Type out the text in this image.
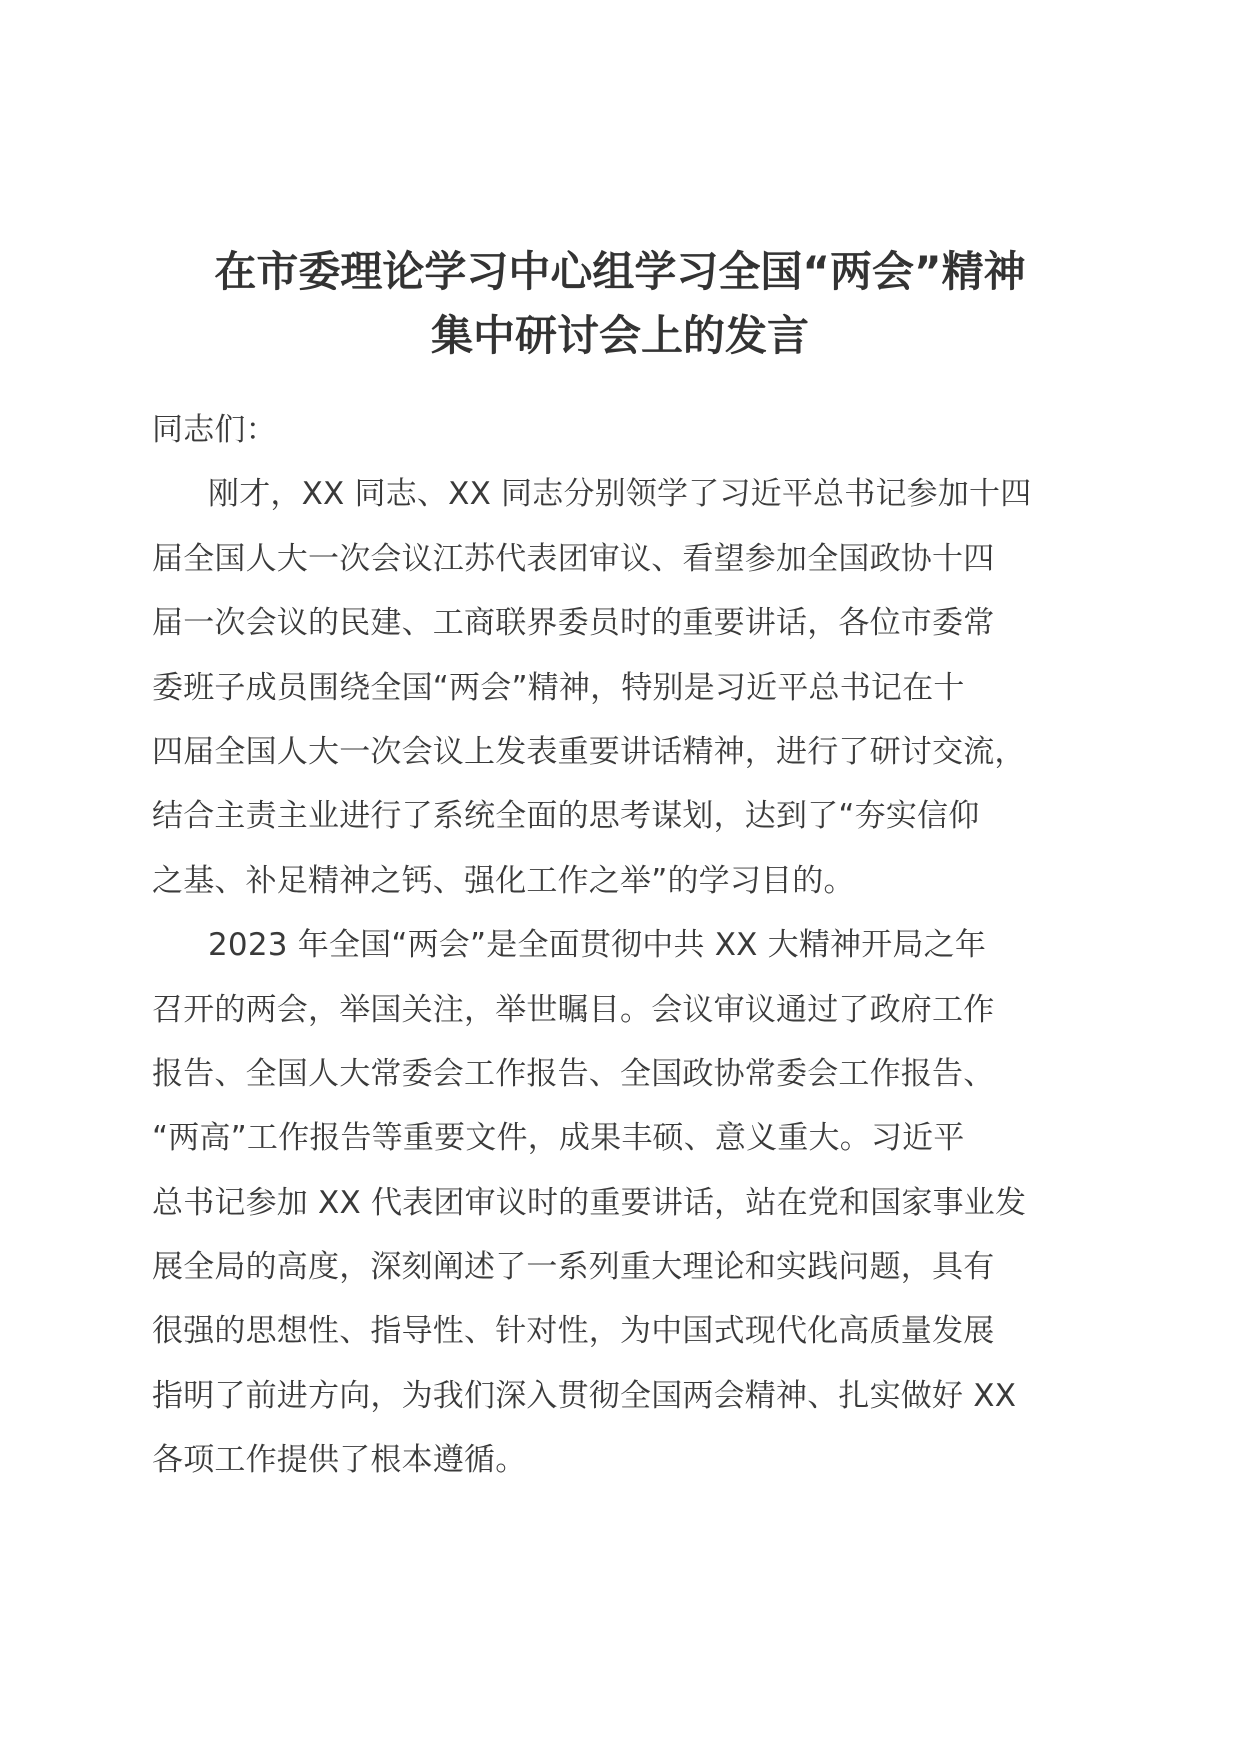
在市委理论学习中心组学习全国“两会”精神
集中研讨会上的发言
同志们：
刚才，XX 同志、XX 同志分别领学了习近平总书记参加十四
届全国人大一次会议江苏代表团审议、看望参加全国政协十四
届一次会议的民建、工商联界委员时的重要讲话，各位市委常
委班子成员围绕全国“两会”精神，特别是习近平总书记在十
四届全国人大一次会议上发表重要讲话精神，进行了研讨交流，
结合主责主业进行了系统全面的思考谋划，达到了“夯实信仰
之基、补足精神之钙、强化工作之举”的学习目的。
2023 年全国“两会”是全面贯彻中共 XX 大精神开局之年
召开的两会，举国关注，举世瞩目。会议审议通过了政府工作
报告、全国人大常委会工作报告、全国政协常委会工作报告、
“两高”工作报告等重要文件，成果丰硕、意义重大。习近平
总书记参加 XX 代表团审议时的重要讲话，站在党和国家事业发
展全局的高度，深刻阐述了一系列重大理论和实践问题，具有
很强的思想性、指导性、针对性，为中国式现代化高质量发展
指明了前进方向，为我们深入贯彻全国两会精神、扎实做好 XX
各项工作提供了根本遵循。
